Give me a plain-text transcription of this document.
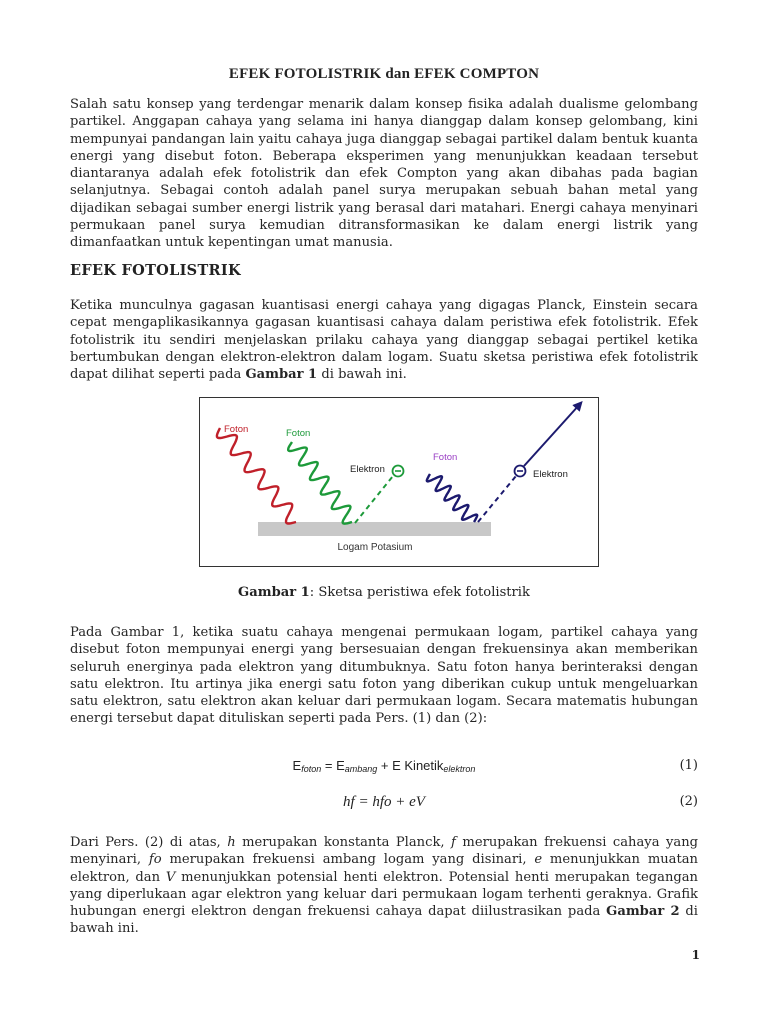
EFEK FOTOLISTRIK dan EFEK COMPTON
Salah satu konsep yang terdengar menarik dalam konsep fisika adalah dualisme gelombang partikel. Anggapan cahaya yang selama ini hanya dianggap dalam konsep gelombang, kini mempunyai pandangan lain yaitu cahaya juga dianggap sebagai partikel dalam bentuk kuanta energi yang disebut foton. Beberapa eksperimen yang menunjukkan keadaan tersebut diantaranya adalah efek fotolistrik dan efek Compton yang akan dibahas pada bagian selanjutnya. Sebagai contoh adalah panel surya merupakan sebuah bahan metal yang dijadikan sebagai sumber energi listrik yang berasal dari matahari. Energi cahaya menyinari permukaan panel surya kemudian ditransformasikan ke dalam energi listrik yang dimanfaatkan untuk kepentingan umat manusia.
EFEK FOTOLISTRIK
Ketika munculnya gagasan kuantisasi energi cahaya yang digagas Planck, Einstein secara cepat mengaplikasikannya gagasan kuantisasi cahaya dalam peristiwa efek fotolistrik. Efek fotolistrik itu sendiri menjelaskan prilaku cahaya yang dianggap sebagai pertikel ketika bertumbukan dengan elektron-elektron dalam logam. Suatu sketsa peristiwa efek fotolistrik dapat dilihat seperti pada Gambar 1 di bawah ini.
Logam Potasium
Foton	Foton
Foton
Elektron	Elektron
Gambar 1: Sketsa peristiwa efek fotolistrik
Pada Gambar 1, ketika suatu cahaya mengenai permukaan logam, partikel cahaya yang disebut foton mempunyai energi yang bersesuaian dengan frekuensinya akan memberikan seluruh energinya pada elektron yang ditumbuknya. Satu foton hanya berinteraksi dengan satu elektron. Itu artinya jika energi satu foton yang diberikan cukup untuk mengeluarkan satu elektron, satu elektron akan keluar dari permukaan logam. Secara matematis hubungan energi tersebut dapat dituliskan seperti pada Pers. (1) dan (2):
$E_{foton} = E_{ambang} + E$ Kinetik$_{elektron}$	(1)
hf = hfo + eV	(2)
Dari Pers. (2) di atas, h merupakan konstanta Planck, f merupakan frekuensi cahaya yang menyinari, fo merupakan frekuensi ambang logam yang disinari, e menunjukkan muatan elektron, dan V menunjukkan potensial henti elektron. Potensial henti merupakan tegangan yang diperlukaan agar elektron yang keluar dari permukaan logam terhenti geraknya. Grafik hubungan energi elektron dengan frekuensi cahaya dapat diilustrasikan pada Gambar 2 di bawah ini.
1
